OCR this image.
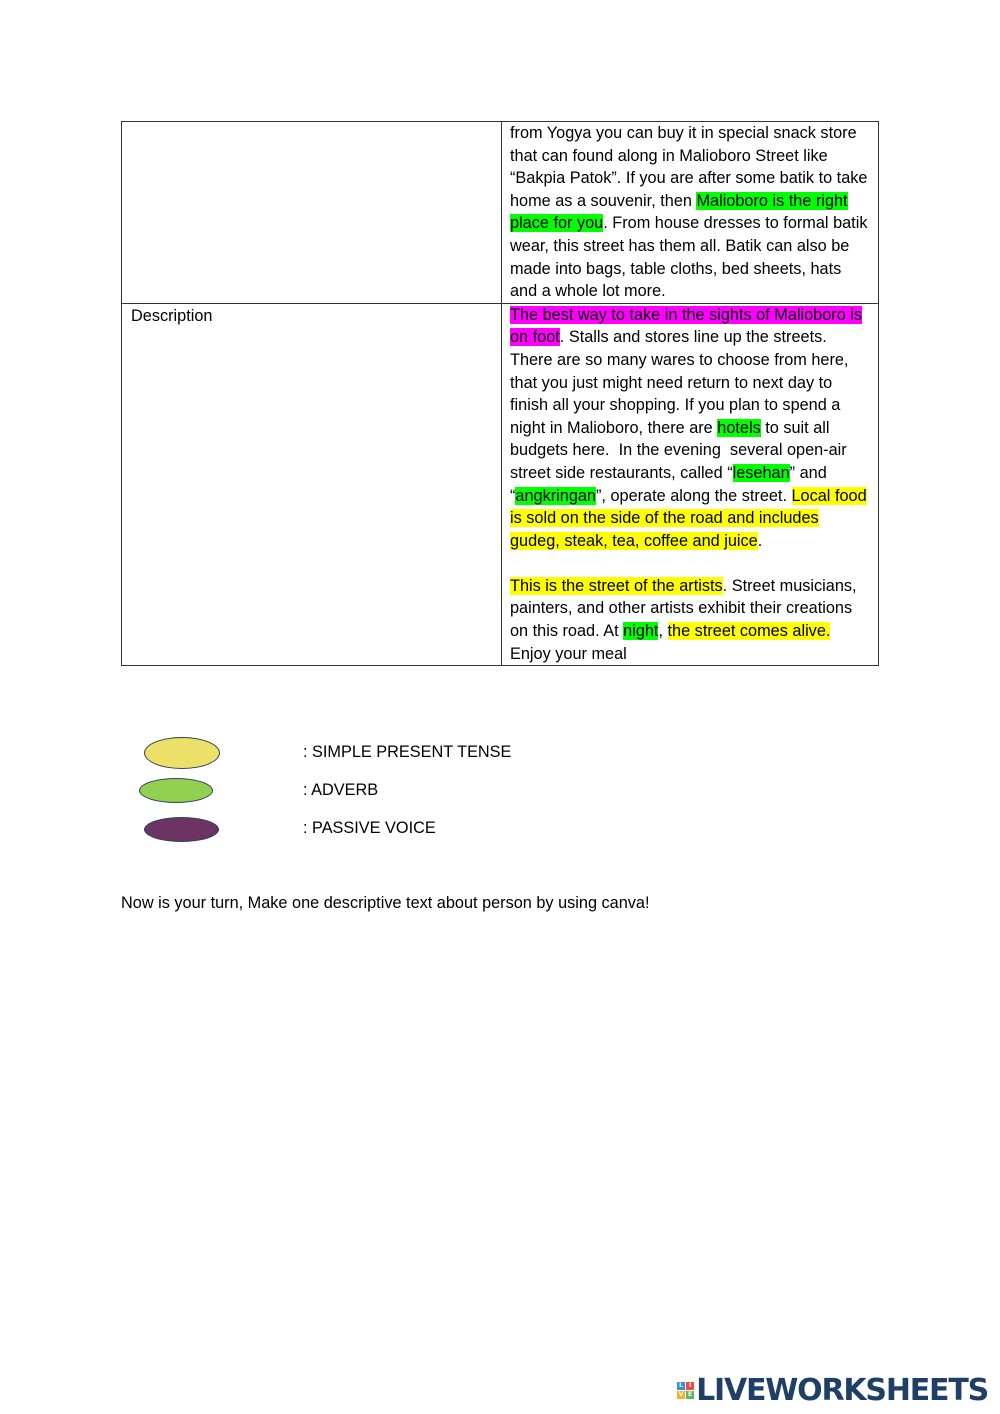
	from Yogya you can buy it in special snack store that can found along in Malioboro Street like “Bakpia Patok”. If you are after some batik to take home as a souvenir, then Malioboro is the right place for you. From house dresses to formal batik wear, this street has them all. Batik can also be made into bags, table cloths, bed sheets, hats and a whole lot more.

Description	The best way to take in the sights of Malioboro is on foot. Stalls and stores line up the streets. There are so many wares to choose from here, that you just might need return to next day to finish all your shopping. If you plan to spend a night in Malioboro, there are hotels to suit all budgets here.  In the evening  several open-air street side restaurants, called “lesehan” and “angkringan”, operate along the street. Local food is sold on the side of the road and includes gudeg, steak, tea, coffee and juice.

This is the street of the artists. Street musicians, painters, and other artists exhibit their creations on this road. At night, the street comes alive. Enjoy your meal

: SIMPLE PRESENT TENSE
: ADVERB
: PASSIVE VOICE
Now is your turn, Make one descriptive text about person by using canva!
L I
V E LIVEWORKSHEETS
